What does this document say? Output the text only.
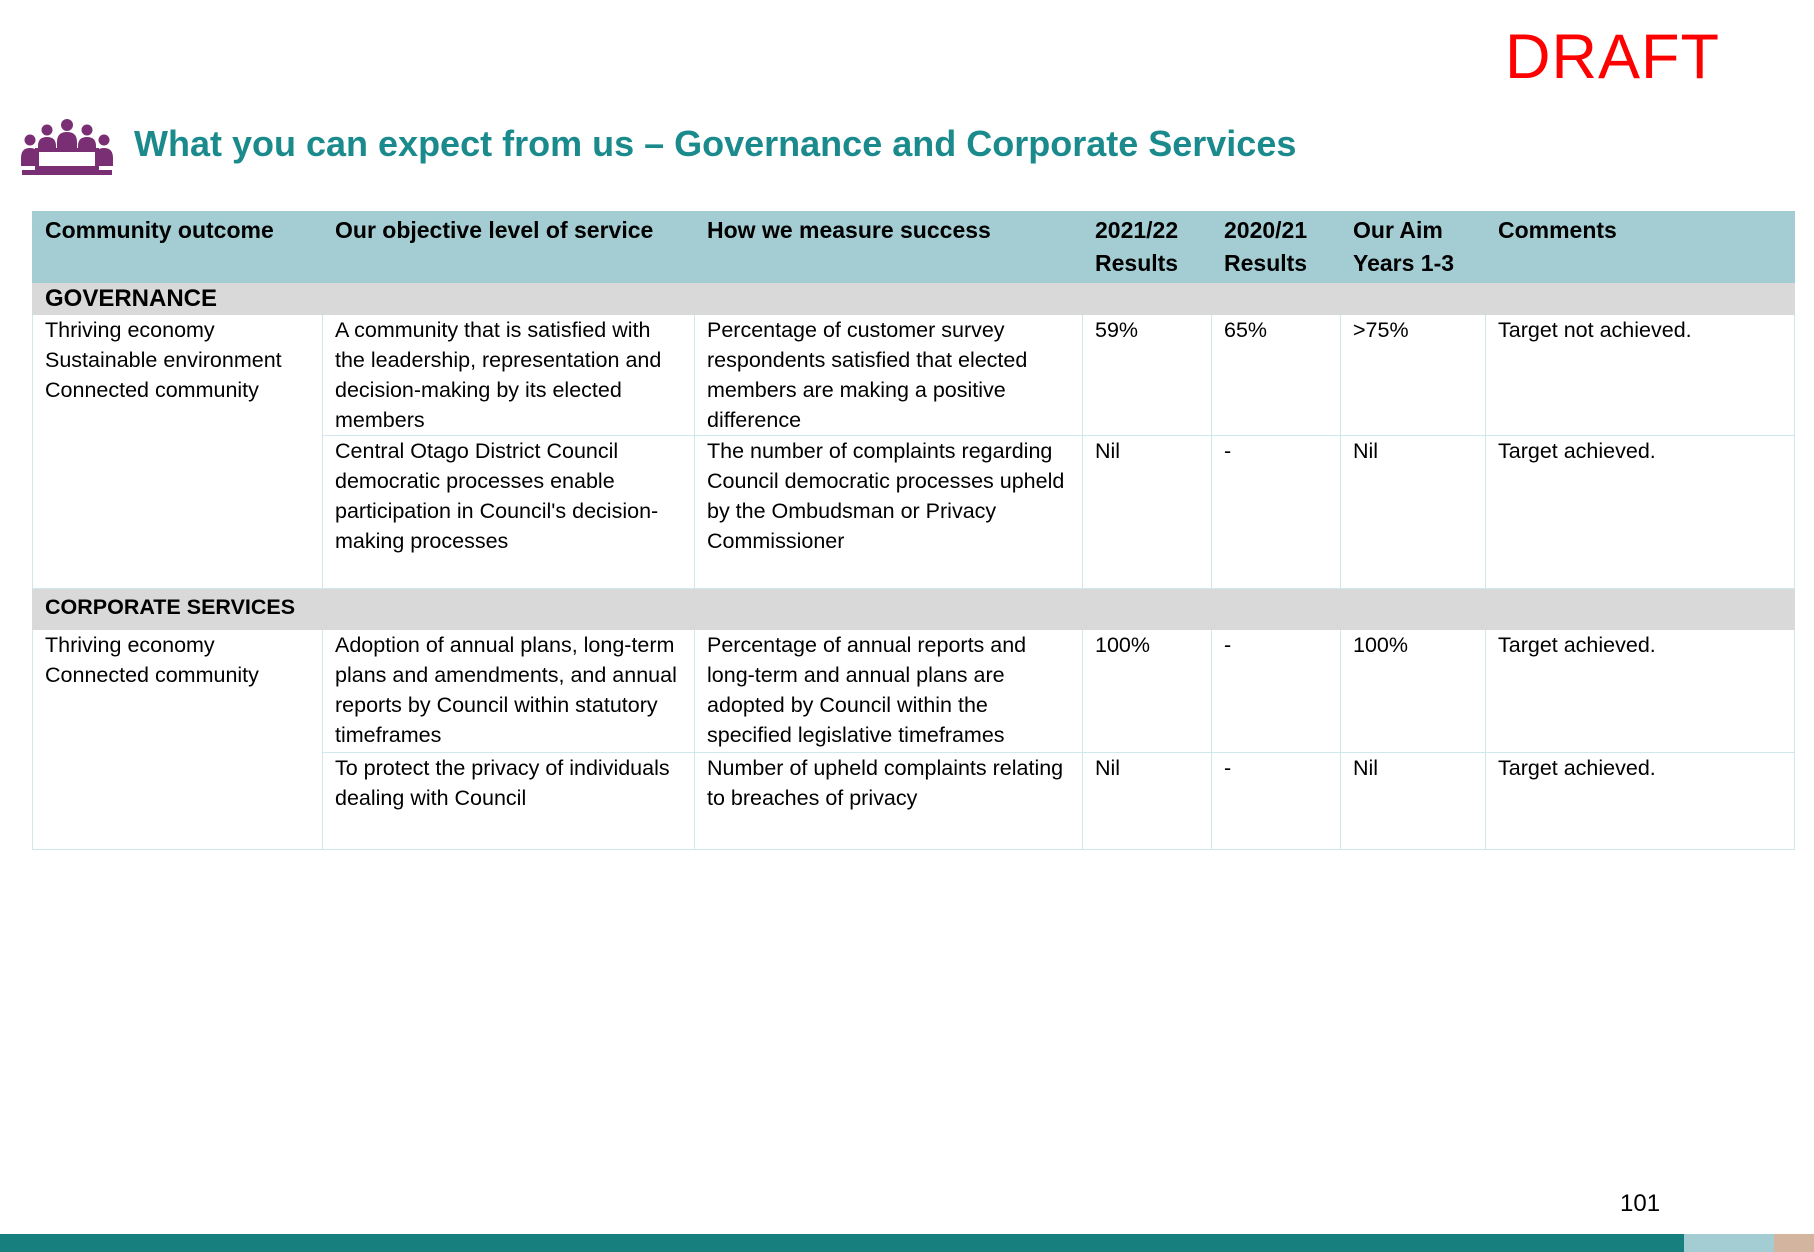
DRAFT
What you can expect from us – Governance and Corporate Services
Community outcome	Our objective level of service	How we measure success	2021/22 Results	2020/21 Results	Our Aim Years 1-3	Comments
GOVERNANCE						

Thriving economy
Sustainable environment
Connected community	A community that is satisfied with the leadership, representation and decision-making by its elected members	Percentage of customer survey respondents satisfied that elected members are making a positive difference	59%	65%	>75%	Target not achieved.
	Central Otago District Council democratic processes enable participation in Council's decision-making processes	The number of complaints regarding Council democratic processes upheld by the Ombudsman or Privacy Commissioner	Nil	-	Nil	Target achieved.
CORPORATE SERVICES						

Thriving economy
Connected community	Adoption of annual plans, long-term plans and amendments, and annual reports by Council within statutory timeframes	Percentage of annual reports and long-term and annual plans are adopted by Council within the specified legislative timeframes	100%	-	100%	Target achieved.
	To protect the privacy of individuals dealing with Council	Number of upheld complaints relating to breaches of privacy	Nil	-	Nil	Target achieved.
101
